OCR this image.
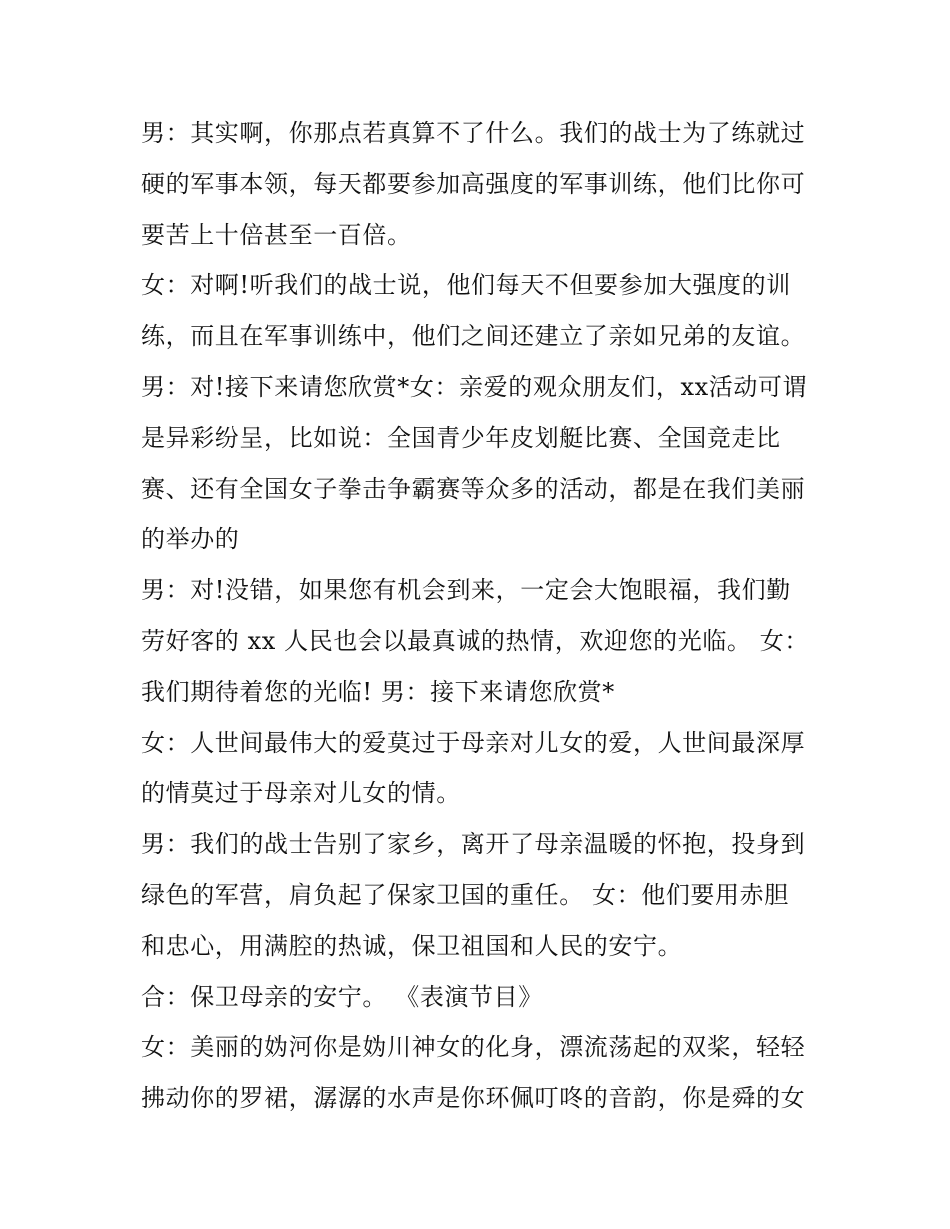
男：其实啊，你那点若真算不了什么。我们的战士为了练就过
硬的军事本领，每天都要参加高强度的军事训练，他们比你可
要苦上十倍甚至一百倍。
女：对啊!听我们的战士说，他们每天不但要参加大强度的训
练，而且在军事训练中，他们之间还建立了亲如兄弟的友谊。
男：对!接下来请您欣赏*女：亲爱的观众朋友们，xx活动可谓
是异彩纷呈，比如说：全国青少年皮划艇比赛、全国竞走比
赛、还有全国女子拳击争霸赛等众多的活动，都是在我们美丽
的举办的
男：对!没错，如果您有机会到来，一定会大饱眼福，我们勤
劳好客的 xx 人民也会以最真诚的热情，欢迎您的光临。 女：
我们期待着您的光临! 男：接下来请您欣赏*
女：人世间最伟大的爱莫过于母亲对儿女的爱，人世间最深厚
的情莫过于母亲对儿女的情。
男：我们的战士告别了家乡，离开了母亲温暖的怀抱，投身到
绿色的军营，肩负起了保家卫国的重任。 女：他们要用赤胆
和忠心，用满腔的热诚，保卫祖国和人民的安宁。
合：保卫母亲的安宁。 《表演节目》
女：美丽的妫河你是妫川神女的化身，漂流荡起的双桨，轻轻
拂动你的罗裙，潺潺的水声是你环佩叮咚的音韵，你是舜的女
